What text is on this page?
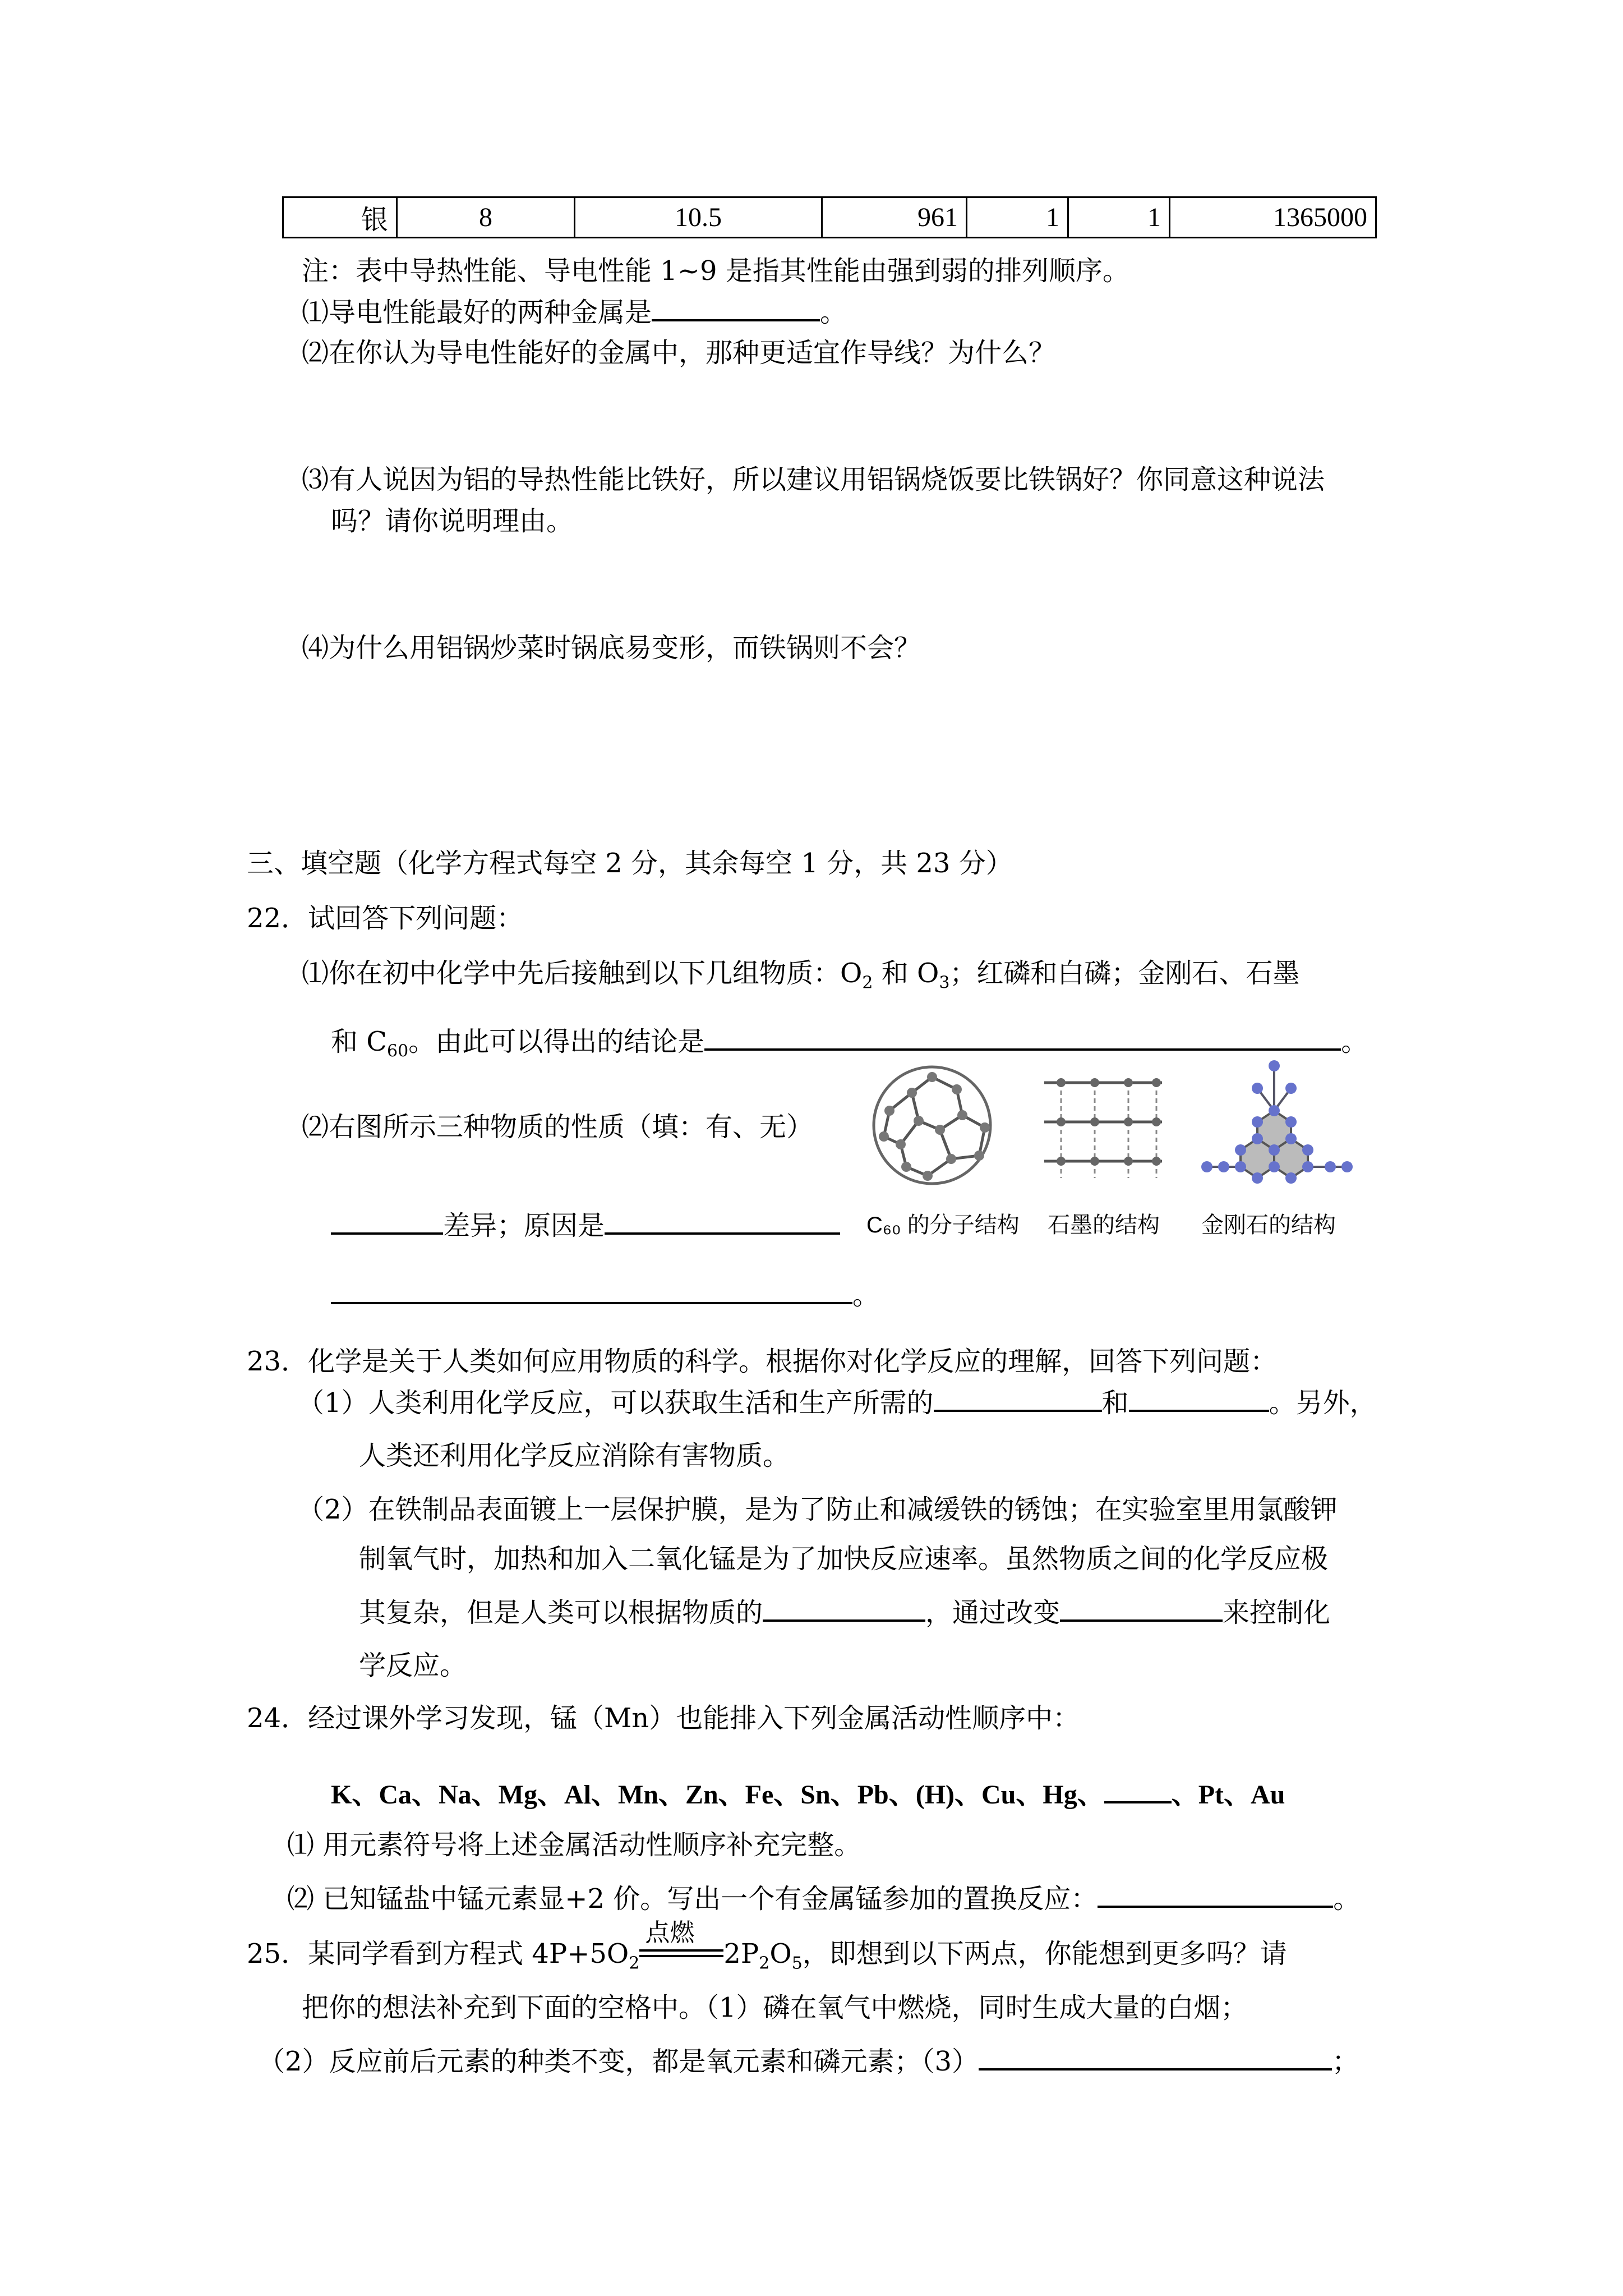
银	8	10.5	961	1	1	1365000
注：表中导热性能、导电性能 1~9 是指其性能由强到弱的排列顺序。
⑴导电性能最好的两种金属是	。
⑵在你认为导电性能好的金属中，那种更适宜作导线？为什么？
⑶有人说因为铝的导热性能比铁好，所以建议用铝锅烧饭要比铁锅好？你同意这种说法
吗？请你说明理由。
⑷为什么用铝锅炒菜时锅底易变形，而铁锅则不会？
三、填空题（化学方程式每空 2 分，其余每空 1 分，共 23 分）
22．试回答下列问题：
⑴你在初中化学中先后接触到以下几组物质：$O_2$ 和 $O_3$；红磷和白磷；金刚石、石墨
和 $C_{60}$。由此可以得出的结论是	。
⑵右图所示三种物质的性质（填：有、无）
差异；原因是
。
C₆₀ 的分子结构 石墨的结构 金刚石的结构
23．化学是关于人类如何应用物质的科学。根据你对化学反应的理解，回答下列问题：
（1）人类利用化学反应，可以获取生活和生产所需的	和	。另外，
人类还利用化学反应消除有害物质。
（2）在铁制品表面镀上一层保护膜，是为了防止和减缓铁的锈蚀；在实验室里用氯酸钾
制氧气时，加热和加入二氧化锰是为了加快反应速率。虽然物质之间的化学反应极
其复杂，但是人类可以根据物质的	，通过改变	来控制化
学反应。
24．经过课外学习发现，锰（Mn）也能排入下列金属活动性顺序中：
K、Ca、Na、Mg、Al、Mn、Zn、Fe、Sn、Pb、(H)、Cu、Hg、	、Pt、Au
⑴ 用元素符号将上述金属活动性顺序补充完整。
⑵ 已知锰盐中锰元素显+2 价。写出一个有金属锰参加的置换反应：	。
25．某同学看到方程式 $4P+5O_2$
点燃
$2P_2O_5$，即想到以下两点，你能想到更多吗？请
把你的想法补充到下面的空格中。（1）磷在氧气中燃烧，同时生成大量的白烟；
（2）反应前后元素的种类不变，都是氧元素和磷元素；（3）	；
